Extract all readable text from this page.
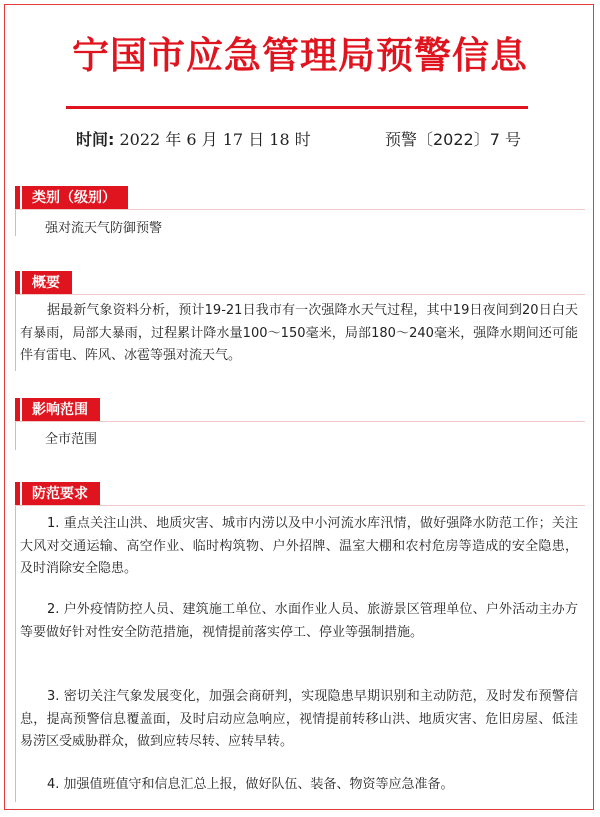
宁国市应急管理局预警信息
时间: 2022 年 6 月 17 日 18 时	预警〔2022〕7 号
类别（级别）
强对流天气防御预警
概要

据最新气象资料分析，预计19-21日我市有一次强降水天气过程，其中19日夜间到20日白天有暴雨，局部大暴雨，过程累计降水量100～150毫米，局部180～240毫米，强降水期间还可能伴有雷电、阵风、冰雹等强对流天气。

影响范围
全市范围
防范要求

1. 重点关注山洪、地质灾害、城市内涝以及中小河流水库汛情，做好强降水防范工作；关注大风对交通运输、高空作业、临时构筑物、户外招牌、温室大棚和农村危房等造成的安全隐患，及时消除安全隐患。

2. 户外疫情防控人员、建筑施工单位、水面作业人员、旅游景区管理单位、户外活动主办方等要做好针对性安全防范措施，视情提前落实停工、停业等强制措施。

3. 密切关注气象发展变化，加强会商研判，实现隐患早期识别和主动防范，及时发布预警信息，提高预警信息覆盖面，及时启动应急响应，视情提前转移山洪、地质灾害、危旧房屋、低洼易涝区受威胁群众，做到应转尽转、应转早转。

4. 加强值班值守和信息汇总上报，做好队伍、装备、物资等应急准备。
